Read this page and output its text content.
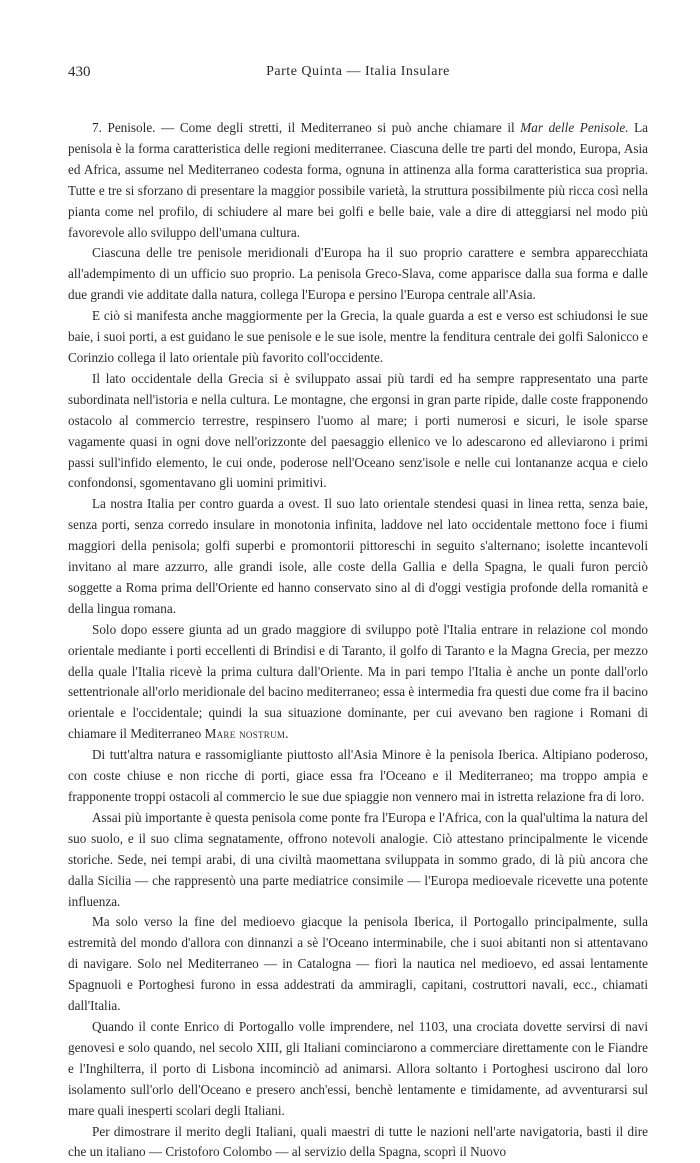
430	Parte Quinta — Italia Insulare

7. Penisole. — Come degli stretti, il Mediterraneo si può anche chiamare il Mar delle Penisole. La penisola è la forma caratteristica delle regioni mediterranee. Ciascuna delle tre parti del mondo, Europa, Asia ed Africa, assume nel Mediterraneo codesta forma, ognuna in attinenza alla forma caratteristica sua propria. Tutte e tre si sforzano di presentare la maggior possibile varietà, la struttura possibilmente più ricca così nella pianta come nel profilo, di schiudere al mare bei golfi e belle baie, vale a dire di atteggiarsi nel modo più favorevole allo sviluppo dell'umana cultura.

Ciascuna delle tre penisole meridionali d'Europa ha il suo proprio carattere e sembra apparecchiata all'adempimento di un ufficio suo proprio. La penisola Greco-Slava, come apparisce dalla sua forma e dalle due grandi vie additate dalla natura, collega l'Europa e persino l'Europa centrale all'Asia.

E ciò si manifesta anche maggiormente per la Grecia, la quale guarda a est e verso est schiudonsi le sue baie, i suoi porti, a est guidano le sue penisole e le sue isole, mentre la fenditura centrale dei golfi Salonicco e Corinzio collega il lato orientale più favorito coll'occidente.

Il lato occidentale della Grecia si è sviluppato assai più tardi ed ha sempre rappresentato una parte subordinata nell'istoria e nella cultura. Le montagne, che ergonsi in gran parte ripide, dalle coste frapponendo ostacolo al commercio terrestre, respinsero l'uomo al mare; i porti numerosi e sicuri, le isole sparse vagamente quasi in ogni dove nell'orizzonte del paesaggio ellenico ve lo adescarono ed alleviarono i primi passi sull'infido elemento, le cui onde, poderose nell'Oceano senz'isole e nelle cui lontananze acqua e cielo confondonsi, sgomentavano gli uomini primitivi.

La nostra Italia per contro guarda a ovest. Il suo lato orientale stendesi quasi in linea retta, senza baie, senza porti, senza corredo insulare in monotonia infinita, laddove nel lato occidentale mettono foce i fiumi maggiori della penisola; golfi superbi e promontorii pittoreschi in seguito s'alternano; isolette incantevoli invitano al mare azzurro, alle grandi isole, alle coste della Gallia e della Spagna, le quali furon perciò soggette a Roma prima dell'Oriente ed hanno conservato sino al di d'oggi vestigia profonde della romanità e della lingua romana.

Solo dopo essere giunta ad un grado maggiore di sviluppo potè l'Italia entrare in relazione col mondo orientale mediante i porti eccellenti di Brindisi e di Taranto, il golfo di Taranto e la Magna Grecia, per mezzo della quale l'Italia ricevè la prima cultura dall'Oriente. Ma in pari tempo l'Italia è anche un ponte dall'orlo settentrionale all'orlo meridionale del bacino mediterraneo; essa è intermedia fra questi due come fra il bacino orientale e l'occidentale; quindi la sua situazione dominante, per cui avevano ben ragione i Romani di chiamare il Mediterraneo Mare nostrum.

Di tutt'altra natura e rassomigliante piuttosto all'Asia Minore è la penisola Iberica. Altipiano poderoso, con coste chiuse e non ricche di porti, giace essa fra l'Oceano e il Mediterraneo; ma troppo ampia e frapponente troppi ostacoli al commercio le sue due spiaggie non vennero mai in istretta relazione fra di loro.

Assai più importante è questa penisola come ponte fra l'Europa e l'Africa, con la qual'ultima la natura del suo suolo, e il suo clima segnatamente, offrono notevoli analogie. Ciò attestano principalmente le vicende storiche. Sede, nei tempi arabi, di una civiltà maomettana sviluppata in sommo grado, di là più ancora che dalla Sicilia — che rappresentò una parte mediatrice consimile — l'Europa medioevale ricevette una potente influenza.

Ma solo verso la fine del medioevo giacque la penisola Iberica, il Portogallo principalmente, sulla estremità del mondo d'allora con dinnanzi a sè l'Oceano interminabile, che i suoi abitanti non si attentavano di navigare. Solo nel Mediterraneo — in Catalogna — fiorì la nautica nel medioevo, ed assai lentamente Spagnuoli e Portoghesi furono in essa addestrati da ammiragli, capitani, costruttori navali, ecc., chiamati dall'Italia.

Quando il conte Enrico di Portogallo volle imprendere, nel 1103, una crociata dovette servirsi di navi genovesi e solo quando, nel secolo XIII, gli Italiani cominciarono a commerciare direttamente con le Fiandre e l'Inghilterra, il porto di Lisbona incominciò ad animarsi. Allora soltanto i Portoghesi uscirono dal loro isolamento sull'orlo dell'Oceano e presero anch'essi, benchè lentamente e timidamente, ad avventurarsi sul mare quali inesperti scolari degli Italiani.

Per dimostrare il merito degli Italiani, quali maestri di tutte le nazioni nell'arte navigatoria, basti il dire che un italiano — Cristoforo Colombo — al servizio della Spagna, scoprì il Nuovo
